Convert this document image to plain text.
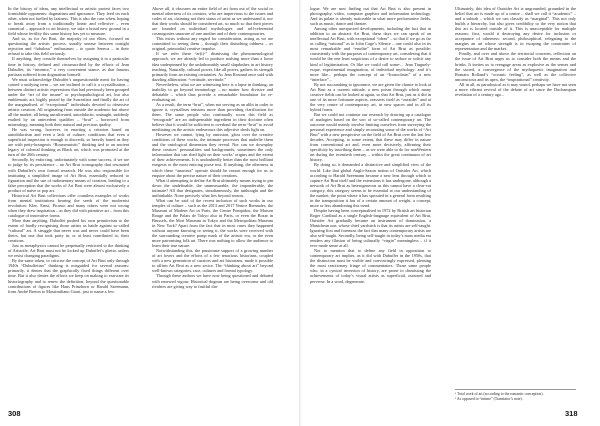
In the history of ideas, any intellectual or artistic protest faces two formidable opponents: dogmatism and ignorance. They feed on each other, when not fuelled by laziness. This is also the case when, hoping to break away from a traditionally linear and reflexive – even canonical – approach to art history, we take a broad new ground in a field whose fertility this same history has yet to measure.

And so, as for Art Brut, the majority of our élites, focused on questioning the artistic process, usually unease between outright rejection and “fabulous” enthusiasm – to quote Seneca – in their refusal to take this field seriously.

If anything, they console themselves by assigning it to a particular time in history, defined and circumscribed by the efforts of Jean Dubuffet, its “inventor,” a very convenient stance, as that famous partisan suffered from dogmatism himself.

We must acknowledge Dubuffet’s unquestionable merit for having coined a unifying term – we are inclined to call it a crystallisation – between distinct artistic expressions that had previously been grouped under the “art of the insane” or psychopathological art, but also emblematic art, highly prized by the Surrealists and finally the art of the marginalised, of “exceptional” individuals devoted to obsessive artistic creation. All originating from outside the academic but above all the market, all being uncultivated, autodidactic, untaught, suddenly exalted by an antecedent qualifier – “brut” – borrowed from mineralogy, meaning both their natural and precious quality.

He was wrong, however, in enacting a criterion based on autodidactism and even a lack of culture, conditions that even a superficial inspection is enough to discredit, so heavily based as they are with petty-bourgeois “Rousseauistic” thinking tied to an ancient legacy of colonial thinking as Black art, which was promoted at the turn of the 20th century.

Secondly, by enforcing, unfortunately with some success, if we are to judge by its persistence – an Art Brut iconography that resonated with Dubuffet’s own formal research. He was also responsible for instituting a simplified image of Art Brut, essentially reduced to figuration and the use of rudimentary means of creation, leading to a false perception that the works of Art Brut were almost exclusively a product of naïve or pop art.

Historical Art Brut collections offer countless examples of works from mental institutions bearing the seeds of the modernist revolution: Klee, Ernst, Picasso and many others were not wrong when they drew inspiration – as they did with primitive art – from this catalogue of innovative forms.

More than anything, Dubuffet pushed his own primitivism to the extent of hardly recognising those artists as battle against so-called “cultural” art. A struggle that never was and never could have been theirs, but one that took party in, or at least contributed to, their creations.

Just as metaphysics cannot be perpetually restricted to the thinking of Aristotle, Art Brut must not be locked up Dubuffet’s ghetto, unless we resist changing paradigms.

By the same token, to criticise the concept of Art Brut only through 1940s “Dubuffetian” thinking is misguided for several reasons: primarily, it denies that the graphically fixed things different over time. But it also denies the efforts we keep on making to extricate its historiography and to renew the definition, beyond the questionable contributions of figures like Hans Prinzhorn or Harald Szeemann, from André Breton to Massimiliano Gioni, just to name a few.

Above all, it obscures an entire field of art from out of the social or mental otherness of its creators, who are impervious to the issues and codes of art, claiming not their status of artist as we understand it, nor that their works should be considered art, so much so that their pieces are founded on individual mythologies and self-referential cosmogonies unaware of one another and of their contemporaries.

This exists without any regard for consideration, acting as we are committed to seeing them – through their disturbing oddness – as original, primordial creative impulse.

If we refer these “ar(t)-” dismissing the phenomenological approach, we are already led to produce nothing more than a loose idea underpinned by the unfathomably small slapdashes in art history teaching. Naturally, cultural power, like all power, gathers its strength primarily from an existing certainties. As Jean Rostand once said with dazzling alliteration: “certitude, servitude.”

Nevertheless, what we are witnessing here is a lapse in thinking, an inability to go beyond terminology – no matter how divisive and debatable – which thus provide a remarkable foundation for re-evaluating art.

As a result, the term “brut”, when not serving as an alibi in order to ignore it, crystallises tensions more than providing clarification for them. The same people who continually scorn this field as “retrograde” are an indispensable ingredient in their doctrine often believe that it would be sufficient to overhaul the term “brut” to avoid meditating on the artistic endeavours this adjective sheds light on.

However we cannot, lying by omission, gloss over the creative conditions of these works, the intimate processes that underlie them and the ontological dimension they reveal. Nor can we downplay these creators’ personalities and backgrounds, sometimes the only information that can shed light on their works’ origins and the extent of their achievements. It is undoubtedly better than the most brilliant exegesis or the most enticing prose text. If anything, the otherness in which these “anartists” operate should be reason enough for us to enquire about the precise nature of their creations.

What if attempting to define Art Brut ultimately means trying to pin down the undefinable, the unmeasurable, the imponderable, the intimate? All that designates, simultaneously, the unthought and the unthinkable. None precisely what lies beyond reason.

What can be said of the recent inclusion of such works in our temples of culture – such as the 2013 and 2017 Venice Biennales, the Museum of Modern Art in Paris, the Centre Pompidou, the Maison Rouge and the Palais de Tokyo also in Paris, or even the Bozar in Brussels, the Mori Museum in Tokyo and the Metropolitan Museum in New York? Apart from the fact that in most cases they happened without anyone knowing or seeing it, the works were received with the surrounding creative pomp mark of the artistic era, or the even more patronising folk art. There was nothing to allow the audience to learn their true nature.

Notwithstanding this, the passionate support of a growing number of art lovers and the efforts of a few tenacious historians, coupled with a new generation of curators and art historians, made it possible to affirm Art Brut as a new sector. The “thinking about art” beyond well-known categories, race, cultures and formal typology.

Through these authors we have now being questioned and debated with renewed vigour. Historical dogmas are being overcome and old rivalries are giving way to fruitful dia-

logue. We are now finding out that Art Brut is also present in photography, video, computer graphics and information technology. And its palate is already noticeable in what more performative fields, such as music, dance and theatre.

Among other unexpected developments, including the fact that in addition to an abstract Art Brut, these days we can speak of an intellectual Art Brut, with exceptional “ideas” – so that if we go as far as calling “rational” as in John Cage’s Silence – one could also in its most remarkable and “erudite” form of Art Brut as possible: consistently with the purposes of contemporary art, considering that it would be the one least suspicious of a desire to seduce or solicit any kind of legitimisation. Or like we could call some-... Jean Tinguely-esque, experimental imagination, of individual mythology: and it’s more like... perhaps the concept of an “Iconoclasm” of a new “interface”...

By not succumbing to ignorance, we are given the chance to look at Art Brut as a current attitude, a new prism through which many creative fields can be looked at again, so that Art Brut, just as it did in one of its more fortunate aspects, reasserts itself as “outsider” and at the very centre of contemporary art, in new spaces and in all its hybrid forms.

But we could not continue our research by drawing up a catalogue of analogies based on the sort of so-called contemporary art. The outcome would mainly involve limiting ourselves from surveying the personal experience and simply recounting some of the works of “Art Brut” with a new perspective on the field of Art Brut over the last few decades. Accepting, to some extent, that these may differ in nature from conventional art and, even more decisively, affirming their specificity by inscribing them – as we were able to do for nonWestern art during the twentieth century – within the great continuum of art history.

By doing so, it demanded a distinctive and simplified view of the world. Like that global Anglo-Saxon notion of Outsider Art, which according to Harald Szeemann became a new lens through which to capture Art Brut itself and the extensions it has undergone, although a network of Art Brut as heterogeneous as this cannot have a clear-cut category, this category seems to be essential to our understanding of the market; the point where it has sprouted in a general form resulting in the transposition it has of a certain amount of weight, a concept, more or less abandoning this trend.

Despite having been conceptualised in 1972 by British art historian Roger Cardinal as a single English-language equivalent of Art Brut, Outsider Art gradually became an instrument of domination, a Manichean one, whose chief yardstick is that its artists are self-taught. Ignoring first and foremost the fact that many contemporary artists are also self-taught. Secondly, being self-taught in today’s mass media era renders any illusion of being culturally “virgin” meaningless – if it ever made sense at all.

Not to mention that to define any field in opposition to contemporary art implies, as it did with Dubuffet in the 1950s, that the distinction must be visible and convincingly expressed, pleasing the most reactionary fringe of commentators. Those same people who, in a cynical inversion of history, are prone to dismissing the achievements of today’s visual artists as superficial, outsized and perverse. In a word, degenerate.

Ultimately, this idea of Outsider Art is ungrounded, grounded in the belief that art is made up of a centre – shall we call it “academic” – and a suburb – which we can classify as “marginal”. This not only builds a hierarchy, but also gives credibility to the very notion that this art is located outside of it. This is unacceptable for multiple reasons: first, would it destroying any desire for inclusion or acceptance of otherness: second, philosophical, relegating to the margins an art whose strength is in escaping the constraints of representation and the market.

Finally, and over and above the territorial concerns, reflection on the issue of Art Brut urges us to consider both the means and the brinks. It invites us to reengage areas as explosive as the senses and the sacred, a convergence of the mythopoetic imagination and Romain Rolland’s “oceanic feeling”, as well as the collective unconscious and its apex, the “inspirational” creativity.

All in all, as paradoxical as it may sound, perhaps we have not seen a more vibrant revival of the debate of art since the Duchampian revelation of a century ago...

¹ Total work of art (according to the romantic conception).
² As opposed to “intime” (Translator’s note).
308	318
